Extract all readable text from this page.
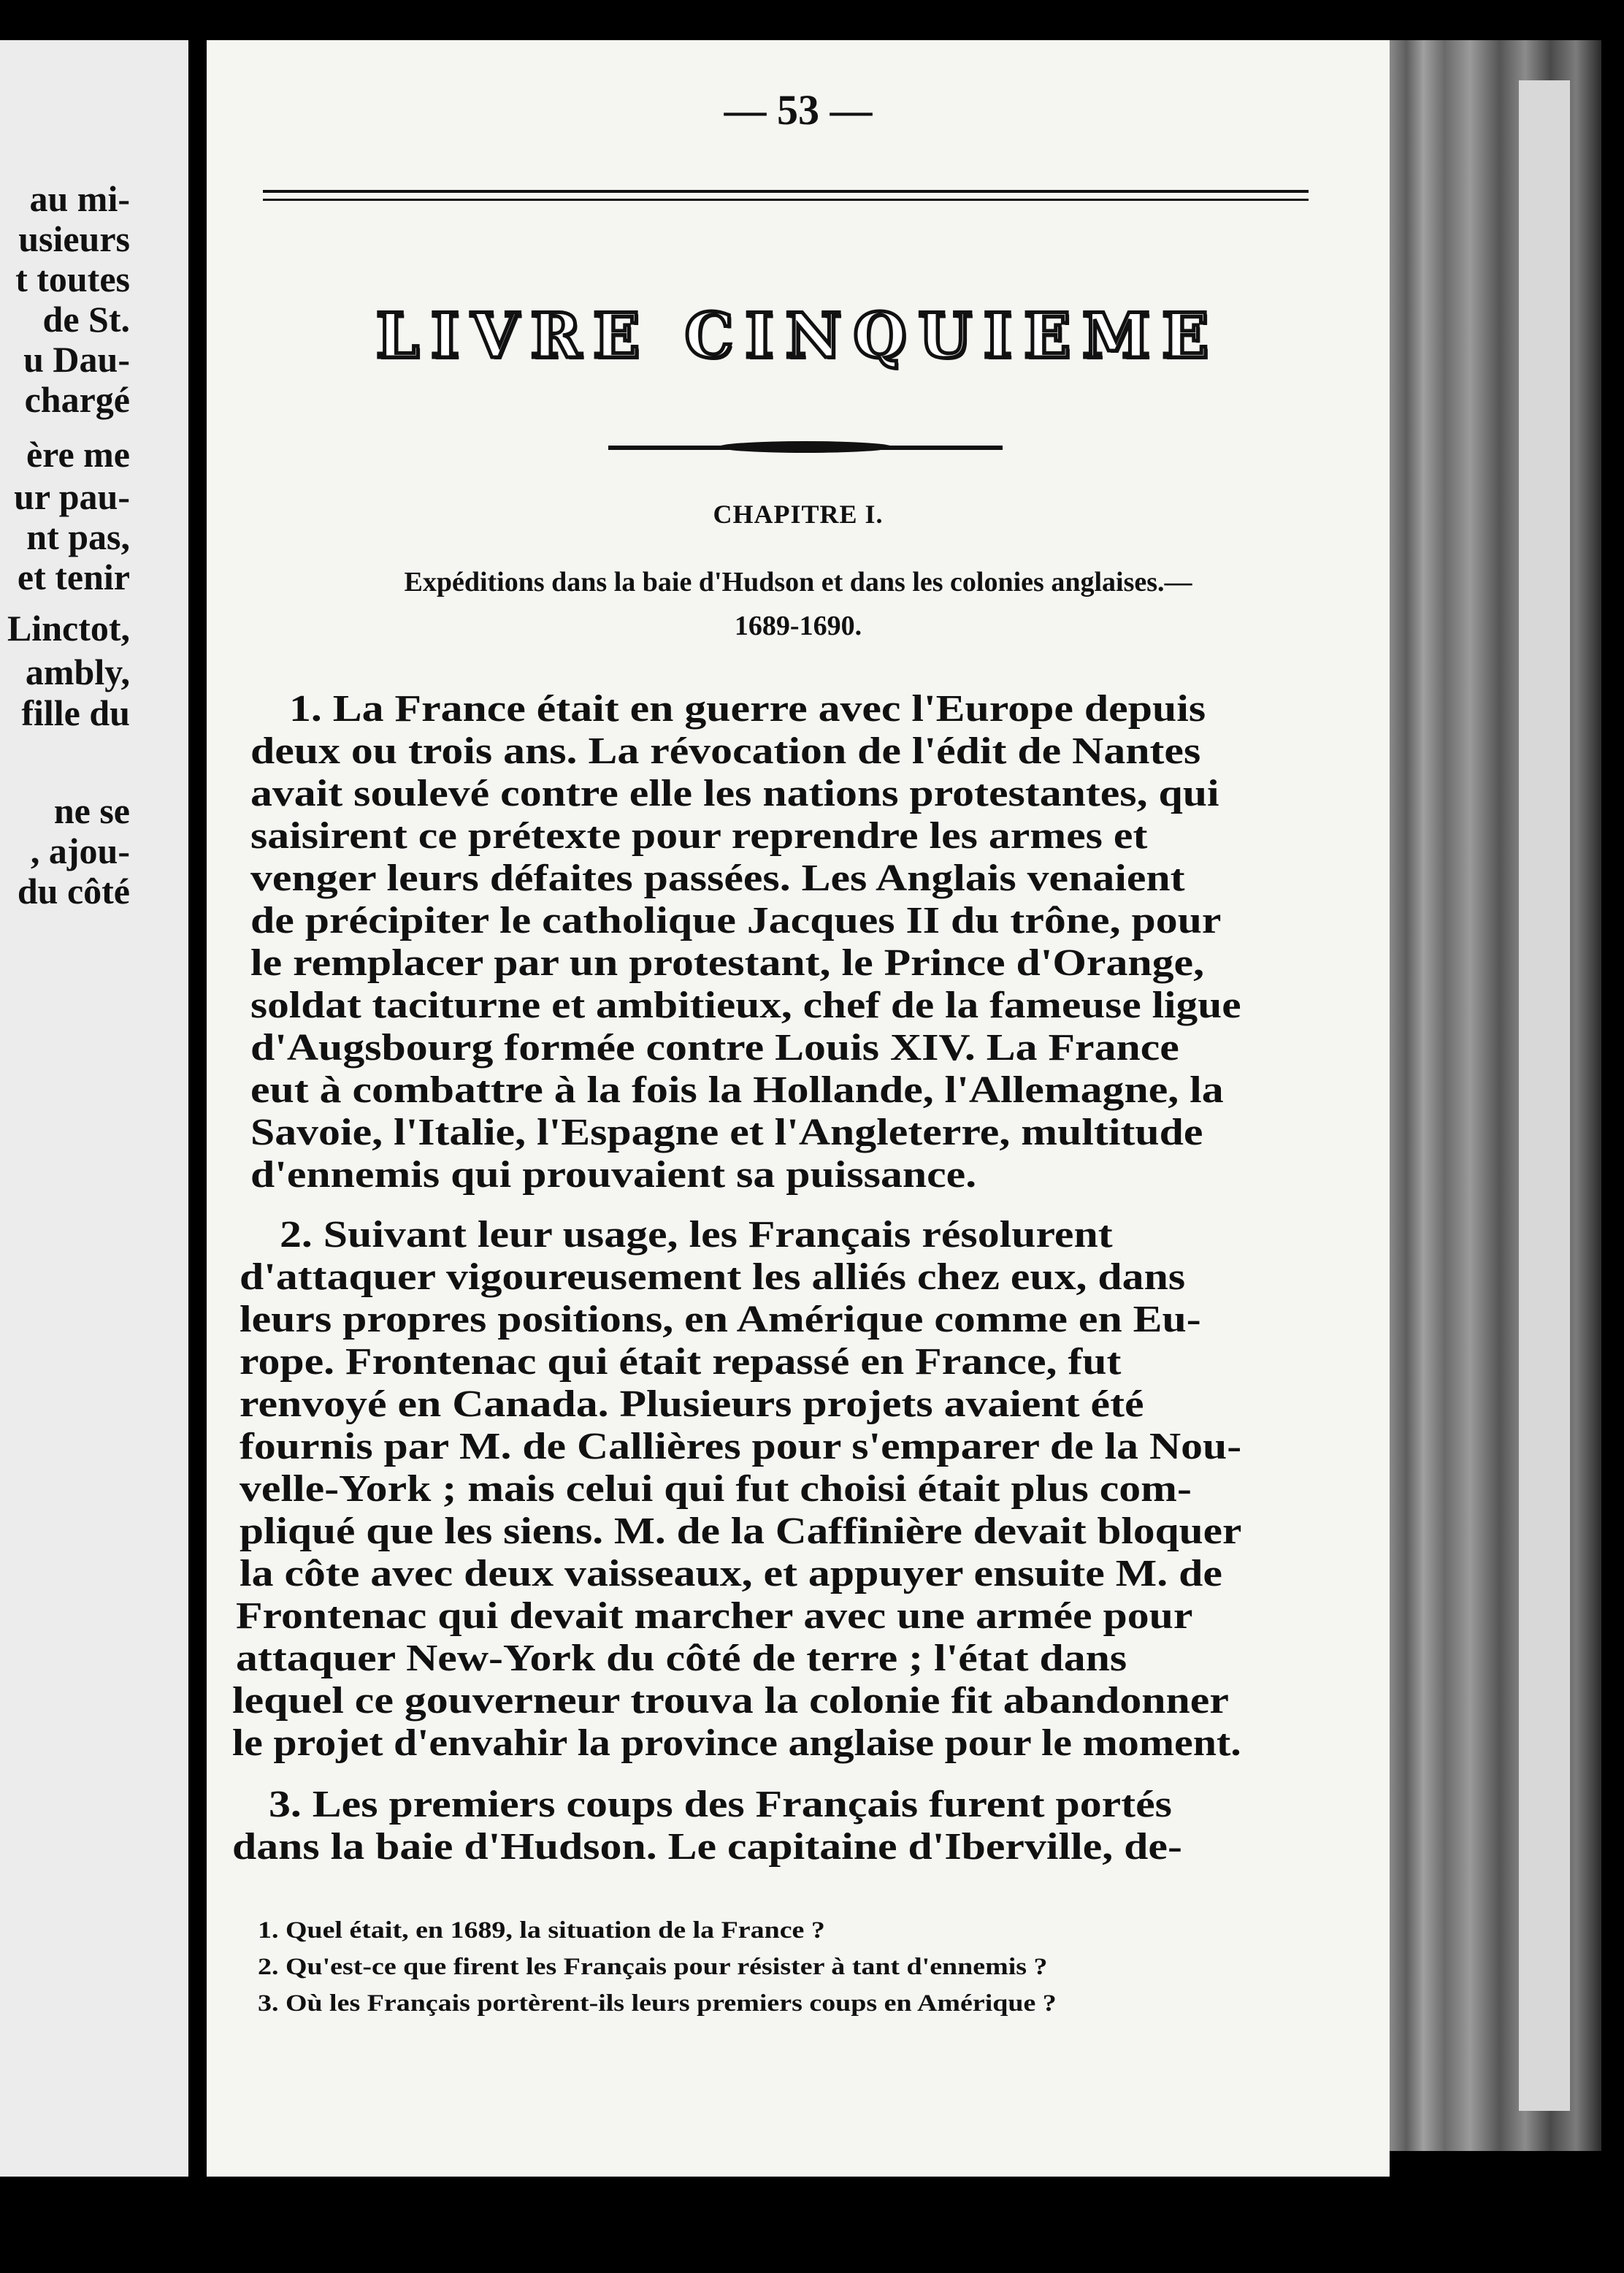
au mi-
usieurs
t toutes
de St.
u Dau-
chargé
ère me
ur pau-
nt pas,
et tenir
Linctot,
ambly,
fille du
ne se
, ajou-
du côté
— 53 —
LIVRE CINQUIEME
CHAPITRE I.
Expéditions dans la baie d'Hudson et dans les colonies anglaises.—
1689-1690.
1. La France était en guerre avec l'Europe depuis
deux ou trois ans. La révocation de l'édit de Nantes
avait soulevé contre elle les nations protestantes, qui
saisirent ce prétexte pour reprendre les armes et
venger leurs défaites passées. Les Anglais venaient
de précipiter le catholique Jacques II du trône, pour
le remplacer par un protestant, le Prince d'Orange,
soldat taciturne et ambitieux, chef de la fameuse ligue
d'Augsbourg formée contre Louis XIV. La France
eut à combattre à la fois la Hollande, l'Allemagne, la
Savoie, l'Italie, l'Espagne et l'Angleterre, multitude
d'ennemis qui prouvaient sa puissance.
2. Suivant leur usage, les Français résolurent
d'attaquer vigoureusement les alliés chez eux, dans
leurs propres positions, en Amérique comme en Eu-
rope. Frontenac qui était repassé en France, fut
renvoyé en Canada. Plusieurs projets avaient été
fournis par M. de Callières pour s'emparer de la Nou-
velle-York ; mais celui qui fut choisi était plus com-
pliqué que les siens. M. de la Caffinière devait bloquer
la côte avec deux vaisseaux, et appuyer ensuite M. de
Frontenac qui devait marcher avec une armée pour
attaquer New-York du côté de terre ; l'état dans
lequel ce gouverneur trouva la colonie fit abandonner
le projet d'envahir la province anglaise pour le moment.
3. Les premiers coups des Français furent portés
dans la baie d'Hudson. Le capitaine d'Iberville, de-
1. Quel était, en 1689, la situation de la France ?
2. Qu'est-ce que firent les Français pour résister à tant d'ennemis ?
3. Où les Français portèrent-ils leurs premiers coups en Amérique ?
